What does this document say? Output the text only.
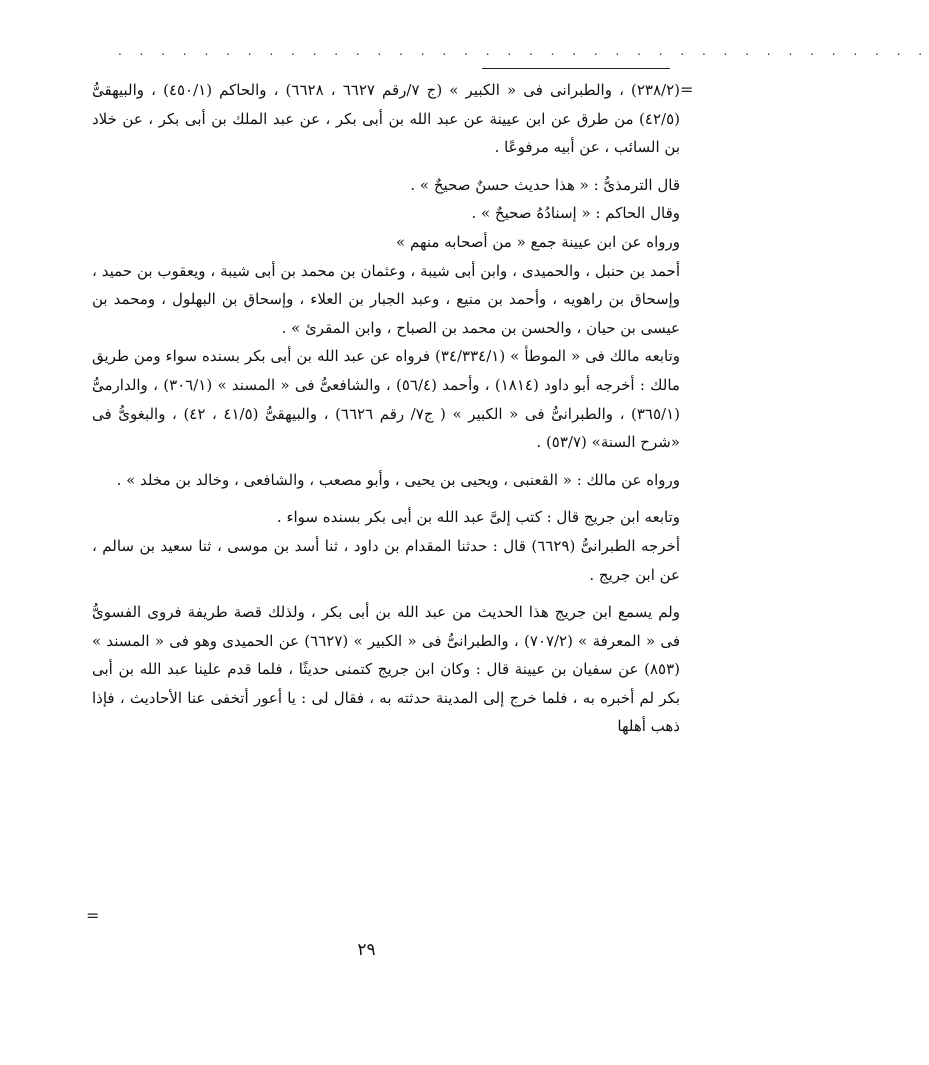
. . . . . . . . . . . . . . . . . . . . . . . . . . . . . . . . . . . . . .
=
=

(٢٣٨/٢) ، والطبرانى فى « الكبير » (ج ٧/رقم ٦٦٢٧ ، ٦٦٢٨) ، والحاكم (٤٥٠/١) ، والبيهقىُّ (٤٢/٥) من طرق عن ابن عيينة عن عبد الله بن أبى بكر ، عن عبد الملك بن أبى بكر ، عن خلاد بن السائب ، عن أبيه مرفوعًا .

قال الترمذىُّ : « هذا حديث حسنٌ صحيحٌ » .

وقال الحاكم : « إسنادُهُ صحيحٌ » .

ورواه عن ابن عيينة جمع « من أصحابه منهم »

أحمد بن حنبل ، والحميدى ، وابن أبى شيبة ، وعثمان بن محمد بن أبى شيبة ، ويعقوب بن حميد ، وإسحاق بن راهويه ، وأحمد بن منيع ، وعبد الجبار بن العلاء ، وإسحاق بن البهلول ، ومحمد بن عيسى بن حيان ، والحسن بن محمد بن الصباح ، وابن المقرئ » .

وتابعه مالك فى « الموطأ » (٣٤/٣٣٤/١) فرواه عن عبد الله بن أبى بكر بسنده سواء ومن طريق مالك : أخرجه أبو داود (١٨١٤) ، وأحمد (٥٦/٤) ، والشافعىُّ فى « المسند » (٣٠٦/١) ، والدارمىُّ (٣٦٥/١) ، والطبرانىُّ فى « الكبير » ( ج٧/ رقم ٦٦٢٦) ، والبيهقىُّ (٤١/٥ ، ٤٢) ، والبغوىُّ فى «شرح السنة» (٥٣/٧) .

ورواه عن مالك : « القعنبى ، ويحيى بن يحيى ، وأبو مصعب ، والشافعى ، وخالد بن مخلد » .

وتابعه ابن جريج قال : كتب إلىَّ عبد الله بن أبى بكر بسنده سواء .

أخرجه الطبرانىُّ (٦٦٢٩) قال : حدثنا المقدام بن داود ، ثنا أسد بن موسى ، ثنا سعيد بن سالم ، عن ابن جريج .

ولم يسمع ابن جريج هذا الحديث من عبد الله بن أبى بكر ، ولذلك قصة طريفة فروى الفسوىُّ فى « المعرفة » (٧٠٧/٢) ، والطبرانىُّ فى « الكبير » (٦٦٢٧) عن الحميدى وهو فى « المسند » (٨٥٣) عن سفيان بن عيينة قال : وكان ابن جريج كتمنى حديثًا ، فلما قدم علينا عبد الله بن أبى بكر لم أخبره به ، فلما خرج إلى المدينة حدثته به ، فقال لى : يا أعور أتخفى عنا الأحاديث ، فإذا ذهب أهلها

٢٩
